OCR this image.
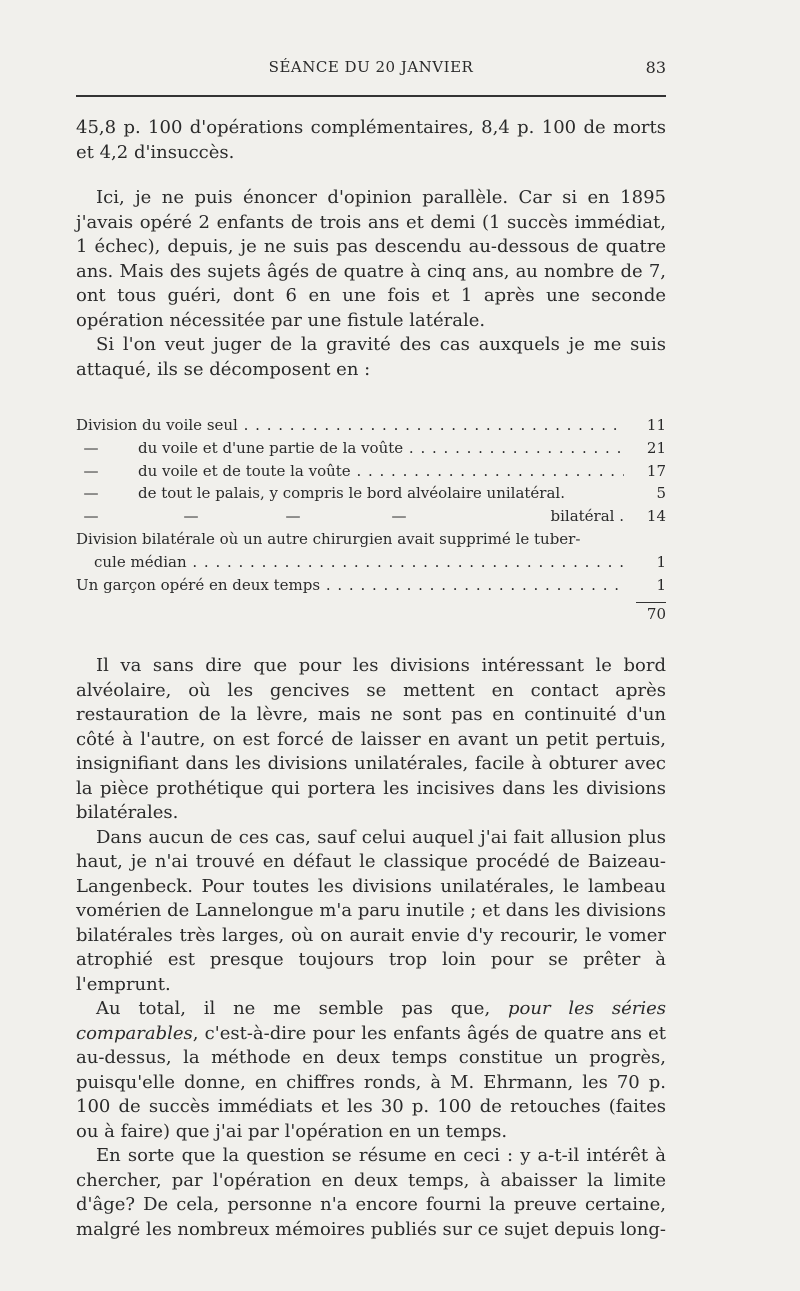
SÉANCE DU 20 JANVIER	83

45,8 p. 100 d'opérations complémentaires, 8,4 p. 100 de morts et 4,2 d'insuccès.

Ici, je ne puis énoncer d'opinion parallèle. Car si en 1895 j'avais opéré 2 enfants de trois ans et demi (1 succès immédiat, 1 échec), depuis, je ne suis pas descendu au-dessous de quatre ans. Mais des sujets âgés de quatre à cinq ans, au nombre de 7, ont tous guéri, dont 6 en une fois et 1 après une seconde opération nécessitée par une fistule latérale.

Si l'on veut juger de la gravité des cas auxquels je me suis attaqué, ils se décomposent en :

Division du voile seul . . .	11
—	du voile et d'une partie de la voûte . . .	21
—	du voile et de toute la voûte . . .	17
—	de tout le palais, y compris le bord alvéolaire unilatéral.	5
—	—	—	—	bilatéral .	14
Division bilatérale où un autre chirurgien avait supprimé le tuber-
cule médian . . .	1
Un garçon opéré en deux temps . . .	1
70

Il va sans dire que pour les divisions intéressant le bord alvéolaire, où les gencives se mettent en contact après restauration de la lèvre, mais ne sont pas en continuité d'un côté à l'autre, on est forcé de laisser en avant un petit pertuis, insignifiant dans les divisions unilatérales, facile à obturer avec la pièce prothétique qui portera les incisives dans les divisions bilatérales.

Dans aucun de ces cas, sauf celui auquel j'ai fait allusion plus haut, je n'ai trouvé en défaut le classique procédé de Baizeau-Langenbeck. Pour toutes les divisions unilatérales, le lambeau vomérien de Lannelongue m'a paru inutile ; et dans les divisions bilatérales très larges, où on aurait envie d'y recourir, le vomer atrophié est presque toujours trop loin pour se prêter à l'emprunt.

Au total, il ne me semble pas que, pour les séries comparables, c'est-à-dire pour les enfants âgés de quatre ans et au-dessus, la méthode en deux temps constitue un progrès, puisqu'elle donne, en chiffres ronds, à M. Ehrmann, les 70 p. 100 de succès immédiats et les 30 p. 100 de retouches (faites ou à faire) que j'ai par l'opération en un temps.

En sorte que la question se résume en ceci : y a-t-il intérêt à chercher, par l'opération en deux temps, à abaisser la limite d'âge? De cela, personne n'a encore fourni la preuve certaine, malgré les nombreux mémoires publiés sur ce sujet depuis long-
